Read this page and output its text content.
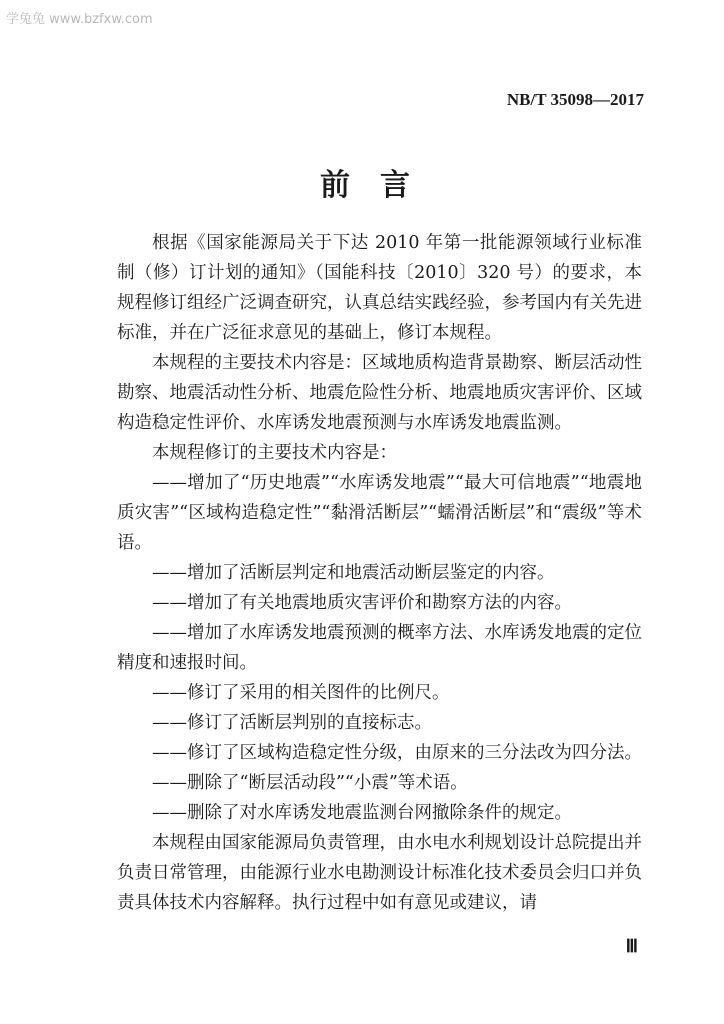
学兔兔 www.bzfxw.com
NB/T 35098—2017
前言

根据《国家能源局关于下达 2010 年第一批能源领域行业标准制（修）订计划的通知》（国能科技〔2010〕320 号）的要求，本规程修订组经广泛调查研究，认真总结实践经验，参考国内有关先进标准，并在广泛征求意见的基础上，修订本规程。

本规程的主要技术内容是：区域地质构造背景勘察、断层活动性勘察、地震活动性分析、地震危险性分析、地震地质灾害评价、区域构造稳定性评价、水库诱发地震预测与水库诱发地震监测。

本规程修订的主要技术内容是：

——增加了“历史地震”“水库诱发地震”“最大可信地震”“地震地质灾害”“区域构造稳定性”“黏滑活断层”“蠕滑活断层”和“震级”等术语。

——增加了活断层判定和地震活动断层鉴定的内容。

——增加了有关地震地质灾害评价和勘察方法的内容。

——增加了水库诱发地震预测的概率方法、水库诱发地震的定位精度和速报时间。

——修订了采用的相关图件的比例尺。

——修订了活断层判别的直接标志。

——修订了区域构造稳定性分级，由原来的三分法改为四分法。

——删除了“断层活动段”“小震”等术语。

——删除了对水库诱发地震监测台网撤除条件的规定。

本规程由国家能源局负责管理，由水电水利规划设计总院提出并负责日常管理，由能源行业水电勘测设计标准化技术委员会归口并负责具体技术内容解释。执行过程中如有意见或建议，请

Ⅲ
